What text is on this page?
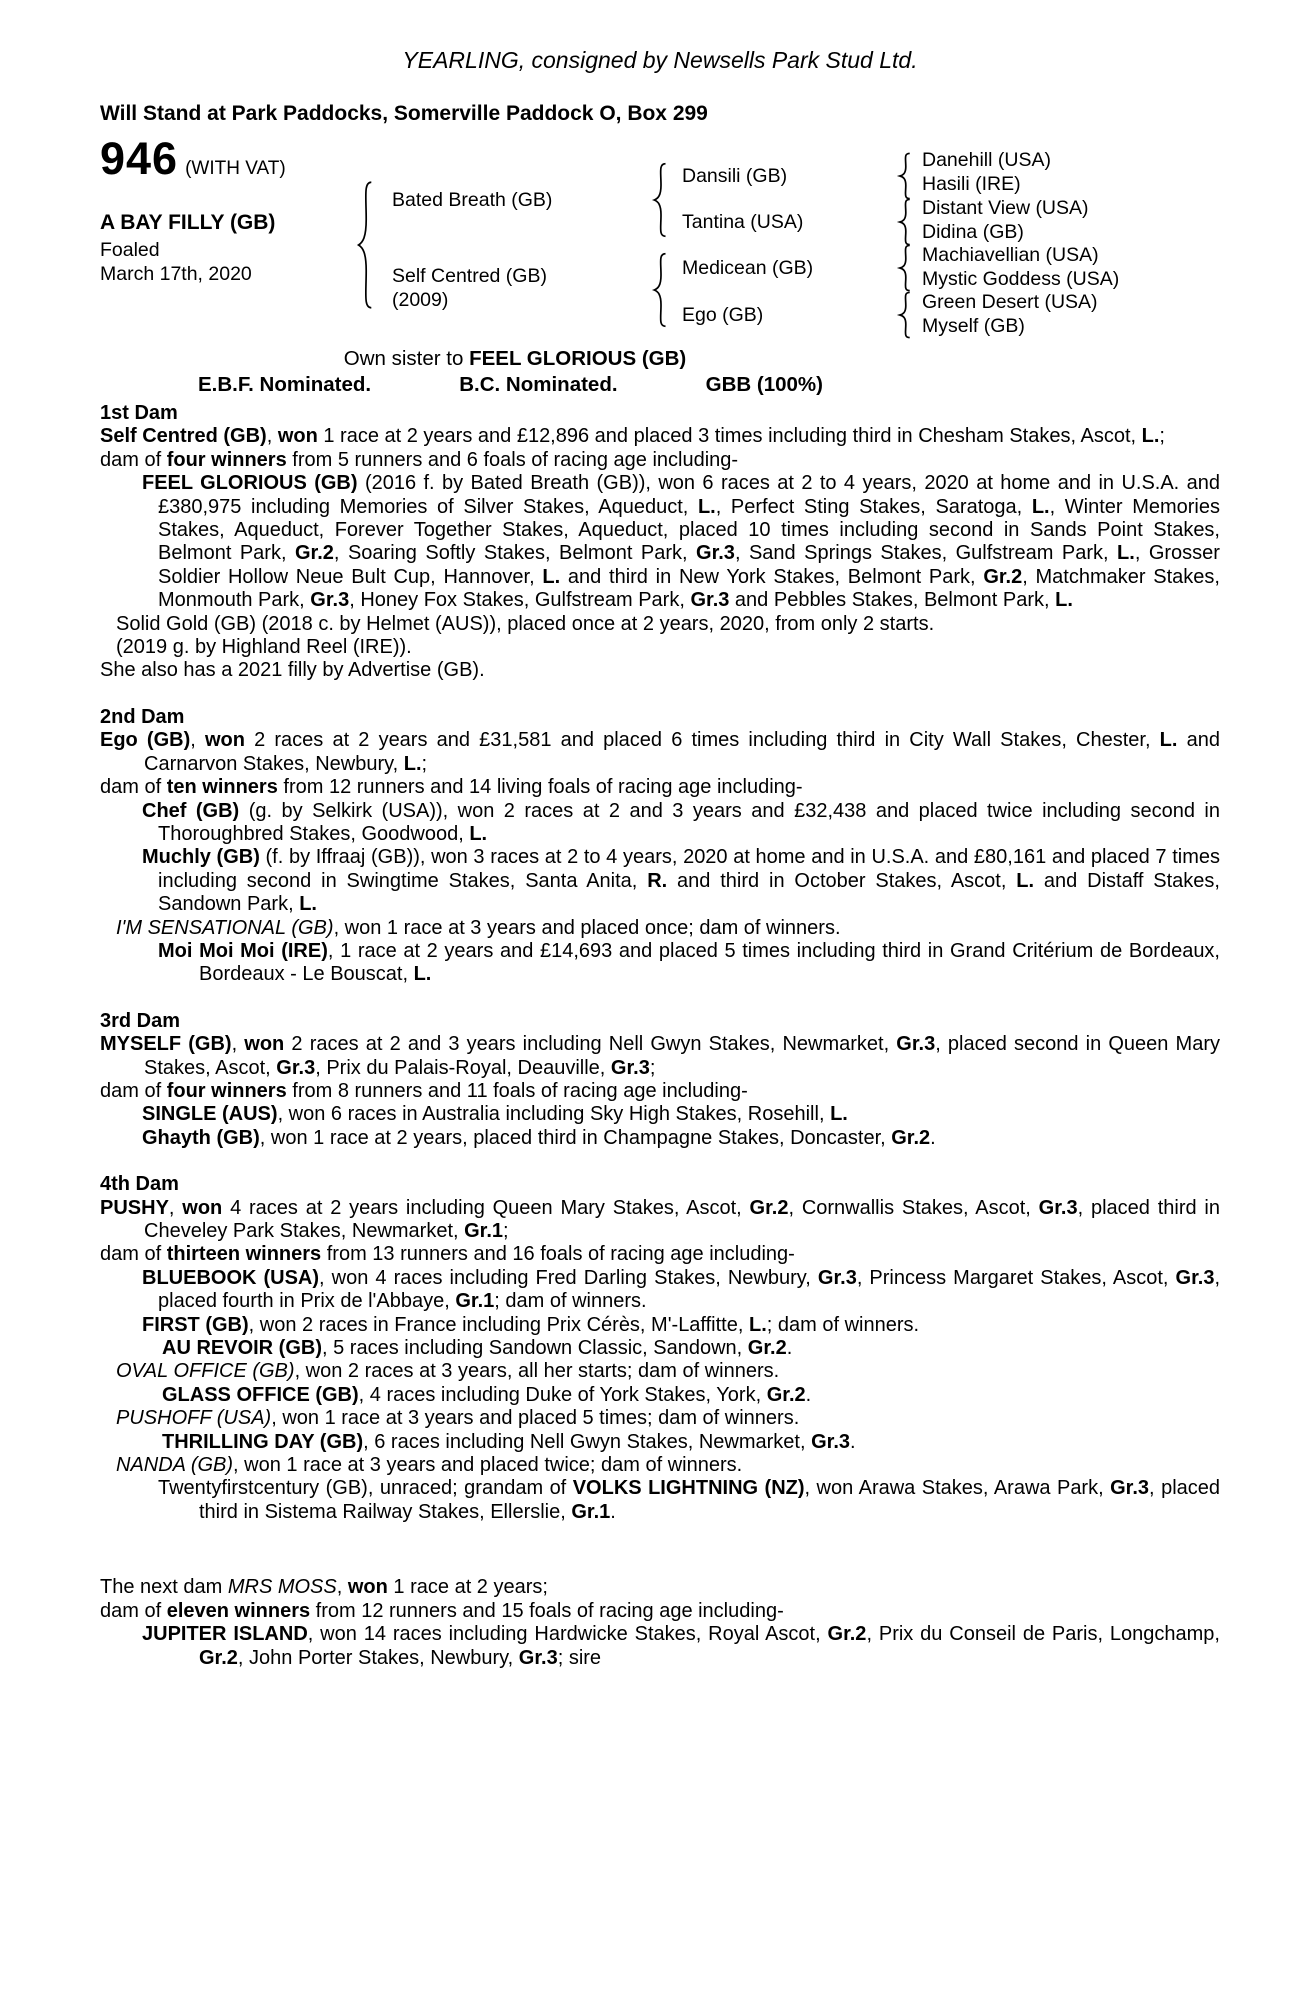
YEARLING, consigned by Newsells Park Stud Ltd.
Will Stand at Park Paddocks, Somerville Paddock O, Box 299
946 (WITH VAT)
A BAY FILLY (GB)
Foaled
March 17th, 2020
Bated Breath (GB)
Self Centred (GB)
(2009)
Dansili (GB)
Tantina (USA)
Medicean (GB)
Ego (GB)
Danehill (USA)
Hasili (IRE)
Distant View (USA)
Didina (GB)
Machiavellian (USA)
Mystic Goddess (USA)
Green Desert (USA)
Myself (GB)
Own sister to FEEL GLORIOUS (GB)
E.B.F. Nominated.	B.C. Nominated.	GBB (100%)
1st Dam

Self Centred (GB), won 1 race at 2 years and £12,896 and placed 3 times including third in Chesham Stakes, Ascot, L.;

dam of four winners from 5 runners and 6 foals of racing age including-

FEEL GLORIOUS (GB) (2016 f. by Bated Breath (GB)), won 6 races at 2 to 4 years, 2020 at home and in U.S.A. and £380,975 including Memories of Silver Stakes, Aqueduct, L., Perfect Sting Stakes, Saratoga, L., Winter Memories Stakes, Aqueduct, Forever Together Stakes, Aqueduct, placed 10 times including second in Sands Point Stakes, Belmont Park, Gr.2, Soaring Softly Stakes, Belmont Park, Gr.3, Sand Springs Stakes, Gulfstream Park, L., Grosser Soldier Hollow Neue Bult Cup, Hannover, L. and third in New York Stakes, Belmont Park, Gr.2, Matchmaker Stakes, Monmouth Park, Gr.3, Honey Fox Stakes, Gulfstream Park, Gr.3 and Pebbles Stakes, Belmont Park, L.

Solid Gold (GB) (2018 c. by Helmet (AUS)), placed once at 2 years, 2020, from only 2 starts.

(2019 g. by Highland Reel (IRE)).

She also has a 2021 filly by Advertise (GB).

2nd Dam

Ego (GB), won 2 races at 2 years and £31,581 and placed 6 times including third in City Wall Stakes, Chester, L. and Carnarvon Stakes, Newbury, L.;

dam of ten winners from 12 runners and 14 living foals of racing age including-

Chef (GB) (g. by Selkirk (USA)), won 2 races at 2 and 3 years and £32,438 and placed twice including second in Thoroughbred Stakes, Goodwood, L.

Muchly (GB) (f. by Iffraaj (GB)), won 3 races at 2 to 4 years, 2020 at home and in U.S.A. and £80,161 and placed 7 times including second in Swingtime Stakes, Santa Anita, R. and third in October Stakes, Ascot, L. and Distaff Stakes, Sandown Park, L.

I'M SENSATIONAL (GB), won 1 race at 3 years and placed once; dam of winners.

Moi Moi Moi (IRE), 1 race at 2 years and £14,693 and placed 5 times including third in Grand Critérium de Bordeaux, Bordeaux - Le Bouscat, L.

3rd Dam

MYSELF (GB), won 2 races at 2 and 3 years including Nell Gwyn Stakes, Newmarket, Gr.3, placed second in Queen Mary Stakes, Ascot, Gr.3, Prix du Palais-Royal, Deauville, Gr.3;

dam of four winners from 8 runners and 11 foals of racing age including-

SINGLE (AUS), won 6 races in Australia including Sky High Stakes, Rosehill, L.

Ghayth (GB), won 1 race at 2 years, placed third in Champagne Stakes, Doncaster, Gr.2.

4th Dam

PUSHY, won 4 races at 2 years including Queen Mary Stakes, Ascot, Gr.2, Cornwallis Stakes, Ascot, Gr.3, placed third in Cheveley Park Stakes, Newmarket, Gr.1;

dam of thirteen winners from 13 runners and 16 foals of racing age including-

BLUEBOOK (USA), won 4 races including Fred Darling Stakes, Newbury, Gr.3, Princess Margaret Stakes, Ascot, Gr.3, placed fourth in Prix de l'Abbaye, Gr.1; dam of winners.

FIRST (GB), won 2 races in France including Prix Cérès, M'-Laffitte, L.; dam of winners.

AU REVOIR (GB), 5 races including Sandown Classic, Sandown, Gr.2.

OVAL OFFICE (GB), won 2 races at 3 years, all her starts; dam of winners.

GLASS OFFICE (GB), 4 races including Duke of York Stakes, York, Gr.2.

PUSHOFF (USA), won 1 race at 3 years and placed 5 times; dam of winners.

THRILLING DAY (GB), 6 races including Nell Gwyn Stakes, Newmarket, Gr.3.

NANDA (GB), won 1 race at 3 years and placed twice; dam of winners.

Twentyfirstcentury (GB), unraced; grandam of VOLKS LIGHTNING (NZ), won Arawa Stakes, Arawa Park, Gr.3, placed third in Sistema Railway Stakes, Ellerslie, Gr.1.

The next dam MRS MOSS, won 1 race at 2 years;

dam of eleven winners from 12 runners and 15 foals of racing age including-

JUPITER ISLAND, won 14 races including Hardwicke Stakes, Royal Ascot, Gr.2, Prix du Conseil de Paris, Longchamp, Gr.2, John Porter Stakes, Newbury, Gr.3; sire
